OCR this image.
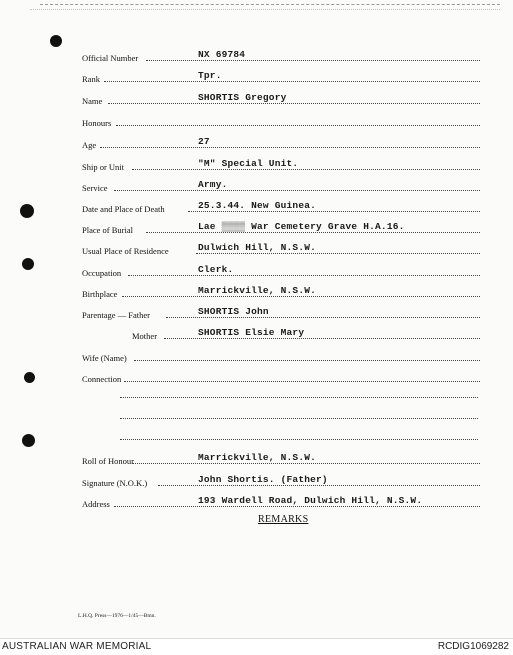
Official Number	NX 69784
Rank	Tpr.
Name	SHORTIS Gregory
Honours
Age	27
Ship or Unit	"M" Special Unit.
Service	Army.
Date and Place of Death	25.3.44. New Guinea.
Place of Burial	Lae ▒▒▒▒ War Cemetery Grave H.A.16.
Usual Place of Residence	Dulwich Hill, N.S.W.
Occupation	Clerk.
Birthplace	Marrickville, N.S.W.
Parentage — Father	SHORTIS John
Mother	SHORTIS Elsie Mary
Wife (Name)
Connection
Roll of Honour	Marrickville, N.S.W.
Signature (N.O.K.)	John Shortis. (Father)
Address	193 Wardell Road, Dulwich Hill, N.S.W.
REMARKS
L.H.Q. Press—1976—1/45—Bmn.
AUSTRALIAN WAR MEMORIAL	RCDIG1069282
